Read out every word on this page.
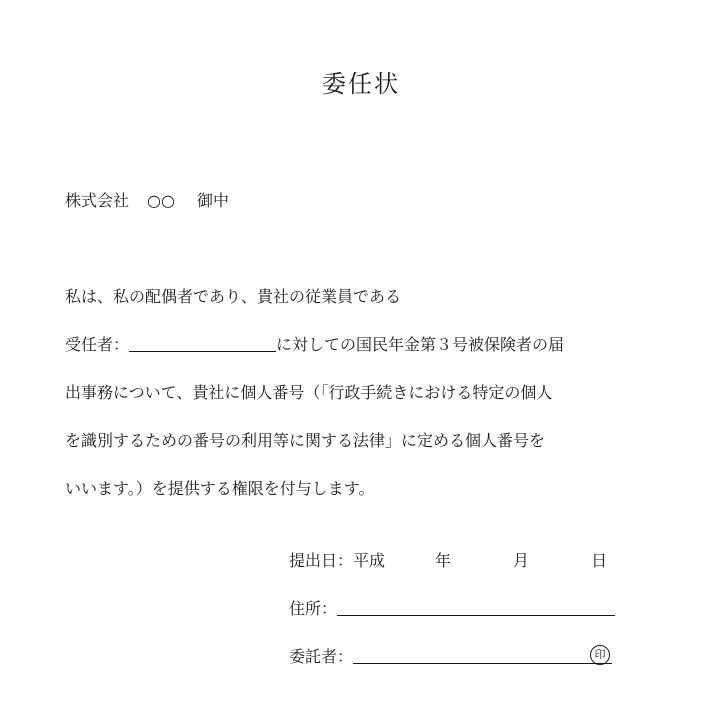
委任状
株式会社 ○○ 御中
私は、私の配偶者であり、貴社の従業員である
受任者：	に対しての国民年金第３号被保険者の届
出事務について、貴社に個人番号（「行政手続きにおける特定の個人
を識別するための番号の利用等に関する法律」に定める個人番号を
いいます。）を提供する権限を付与します。
提出日：平成	年	月	日
住所：
委託者：	印
